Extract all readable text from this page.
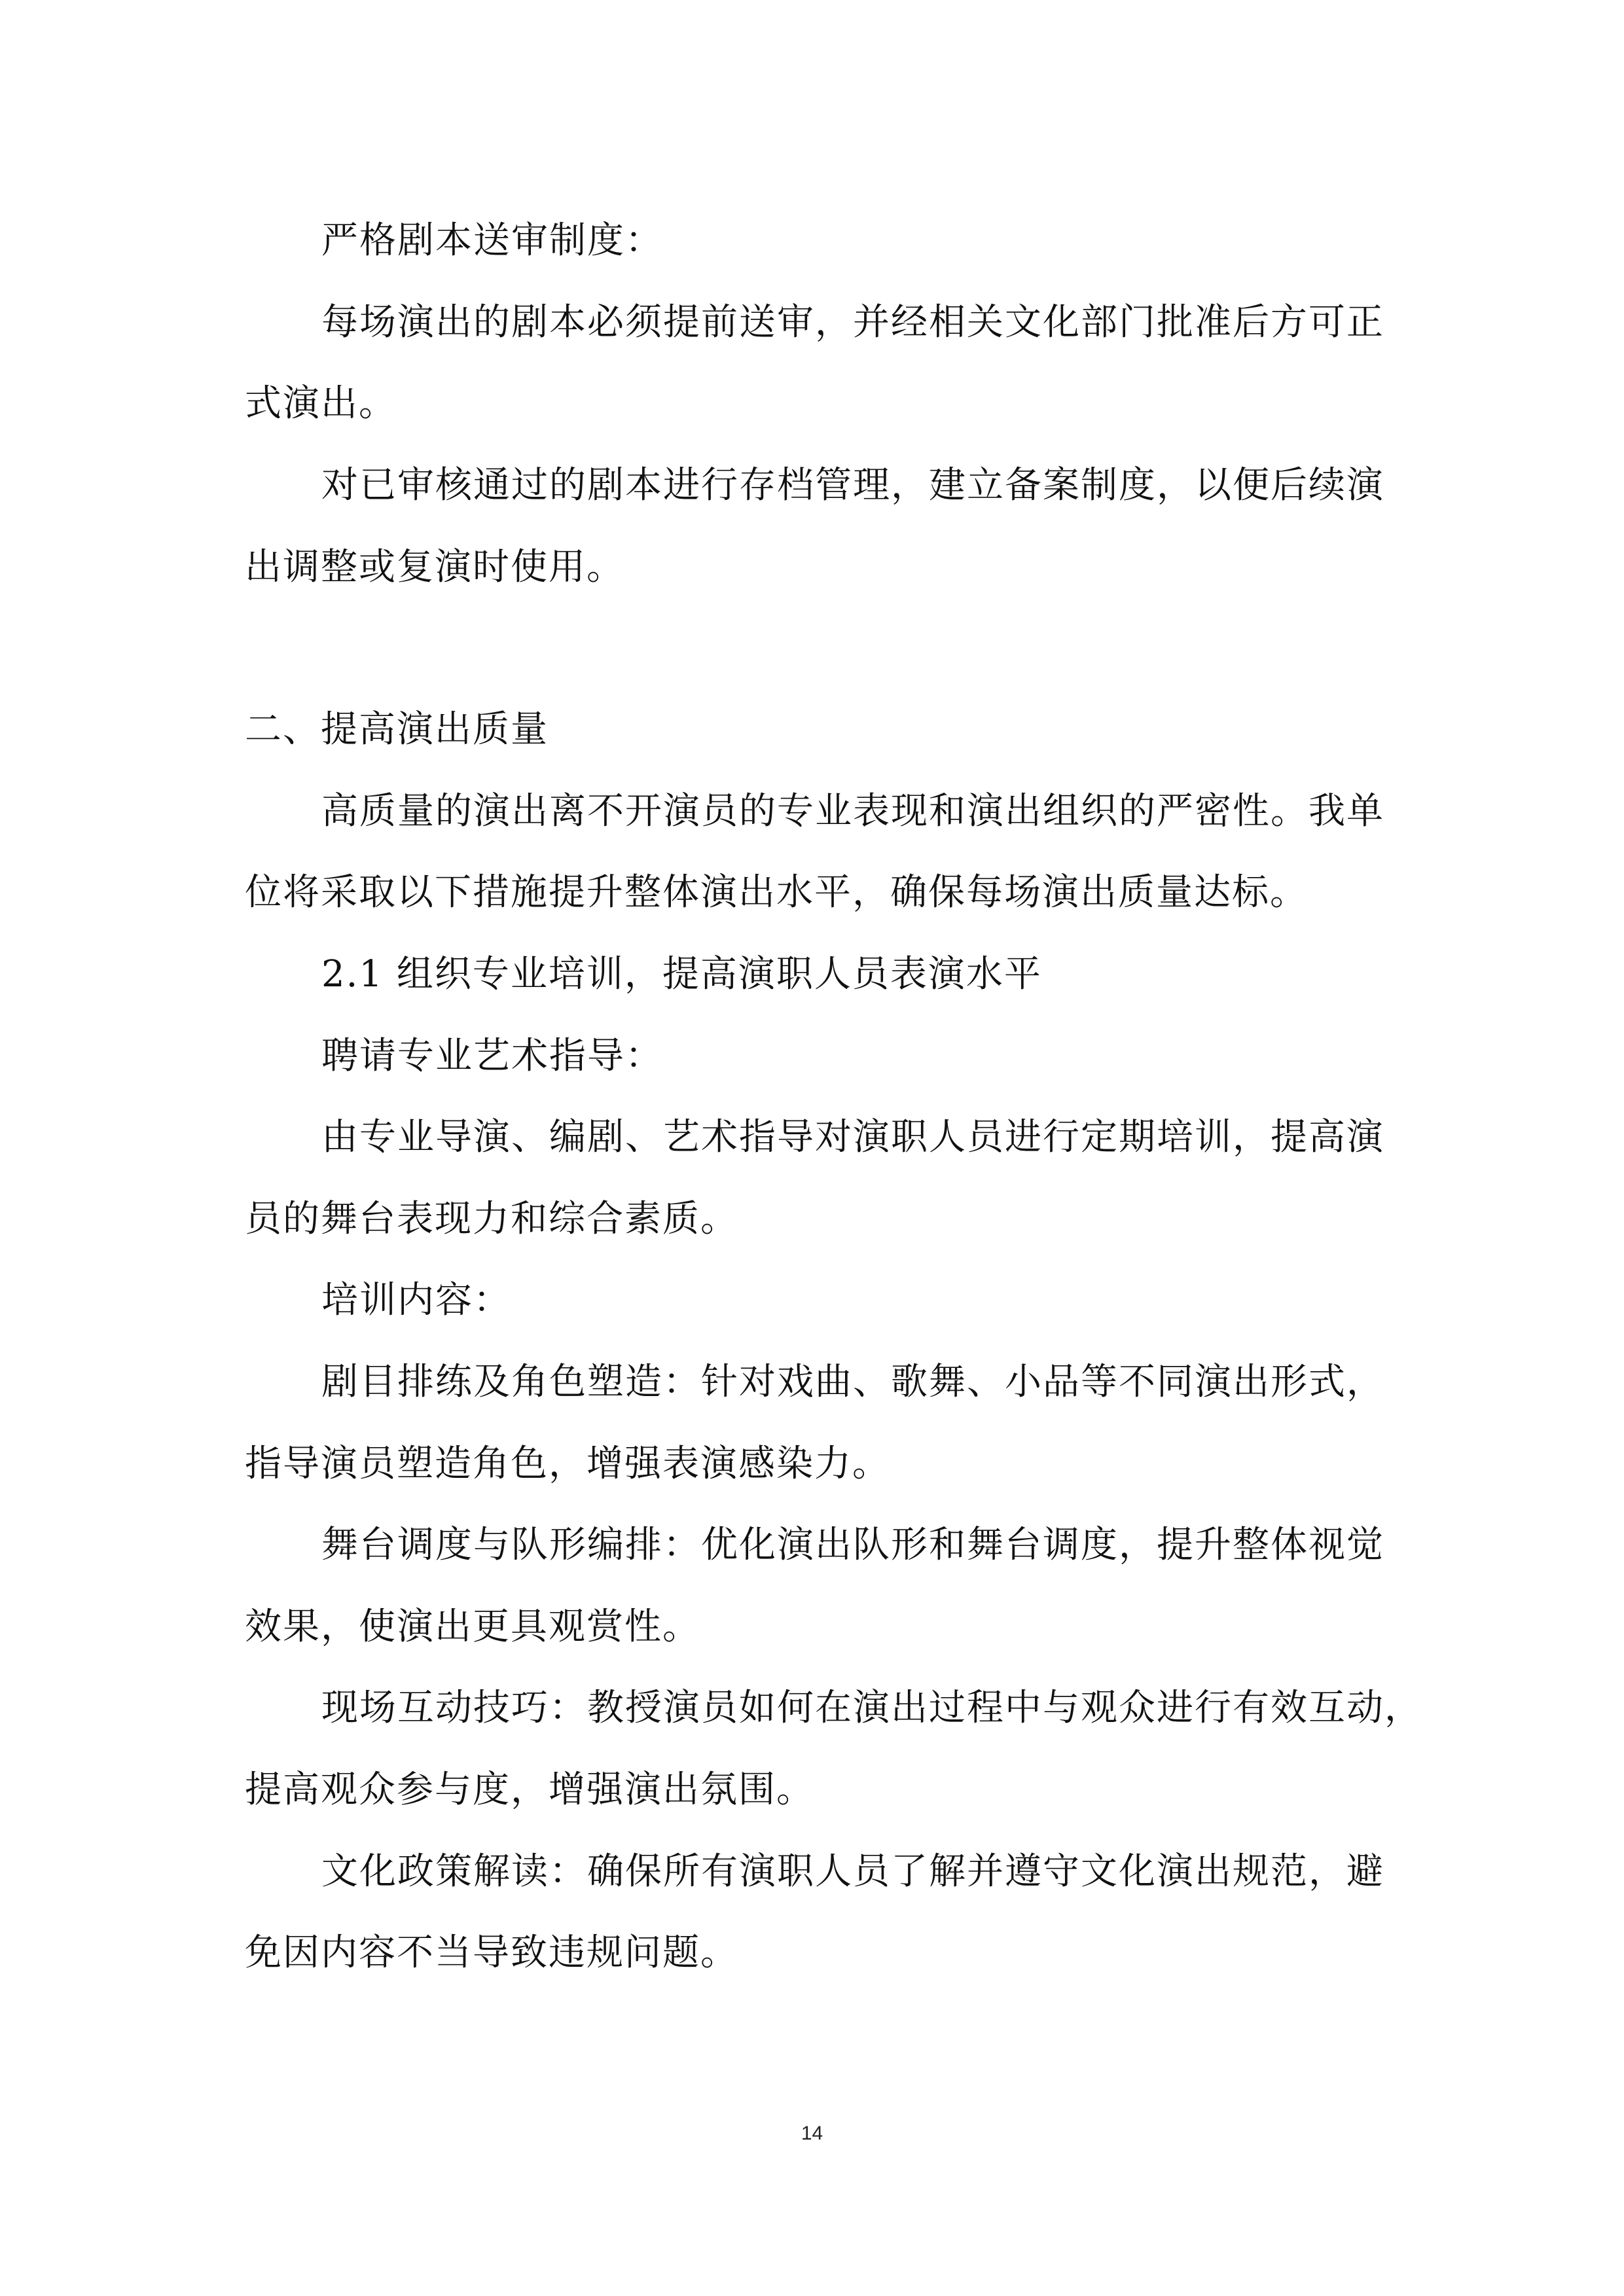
严格剧本送审制度：
每场演出的剧本必须提前送审，并经相关文化部门批准后方可正
式演出。
对已审核通过的剧本进行存档管理，建立备案制度，以便后续演
出调整或复演时使用。
二、提高演出质量
高质量的演出离不开演员的专业表现和演出组织的严密性。我单
位将采取以下措施提升整体演出水平，确保每场演出质量达标。
2.1 组织专业培训，提高演职人员表演水平
聘请专业艺术指导：
由专业导演、编剧、艺术指导对演职人员进行定期培训，提高演
员的舞台表现力和综合素质。
培训内容：
剧目排练及角色塑造：针对戏曲、歌舞、小品等不同演出形式，
指导演员塑造角色，增强表演感染力。
舞台调度与队形编排：优化演出队形和舞台调度，提升整体视觉
效果，使演出更具观赏性。
现场互动技巧：教授演员如何在演出过程中与观众进行有效互动，
提高观众参与度，增强演出氛围。
文化政策解读：确保所有演职人员了解并遵守文化演出规范，避
免因内容不当导致违规问题。
14
